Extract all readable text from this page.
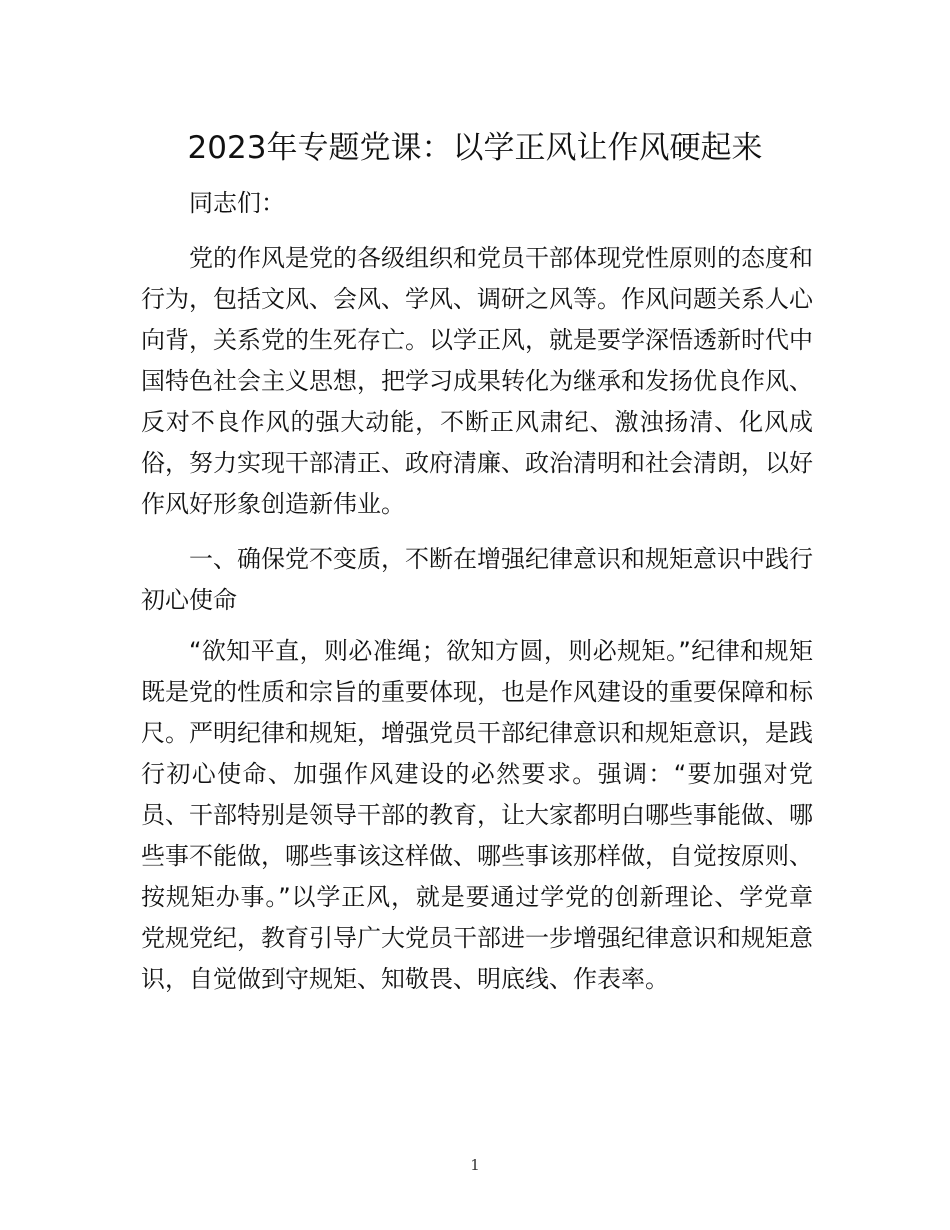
2023年专题党课：以学正风让作风硬起来

同志们：

党的作风是党的各级组织和党员干部体现党性原则的态度和行为，包括文风、会风、学风、调研之风等。作风问题关系人心向背，关系党的生死存亡。以学正风，就是要学深悟透新时代中国特色社会主义思想，把学习成果转化为继承和发扬优良作风、反对不良作风的强大动能，不断正风肃纪、激浊扬清、化风成俗，努力实现干部清正、政府清廉、政治清明和社会清朗，以好作风好形象创造新伟业。

一、确保党不变质，不断在增强纪律意识和规矩意识中践行初心使命

“欲知平直，则必准绳；欲知方圆，则必规矩。”纪律和规矩既是党的性质和宗旨的重要体现，也是作风建设的重要保障和标尺。严明纪律和规矩，增强党员干部纪律意识和规矩意识，是践行初心使命、加强作风建设的必然要求。强调：“要加强对党员、干部特别是领导干部的教育，让大家都明白哪些事能做、哪些事不能做，哪些事该这样做、哪些事该那样做，自觉按原则、按规矩办事。”以学正风，就是要通过学党的创新理论、学党章党规党纪，教育引导广大党员干部进一步增强纪律意识和规矩意识，自觉做到守规矩、知敬畏、明底线、作表率。

1
